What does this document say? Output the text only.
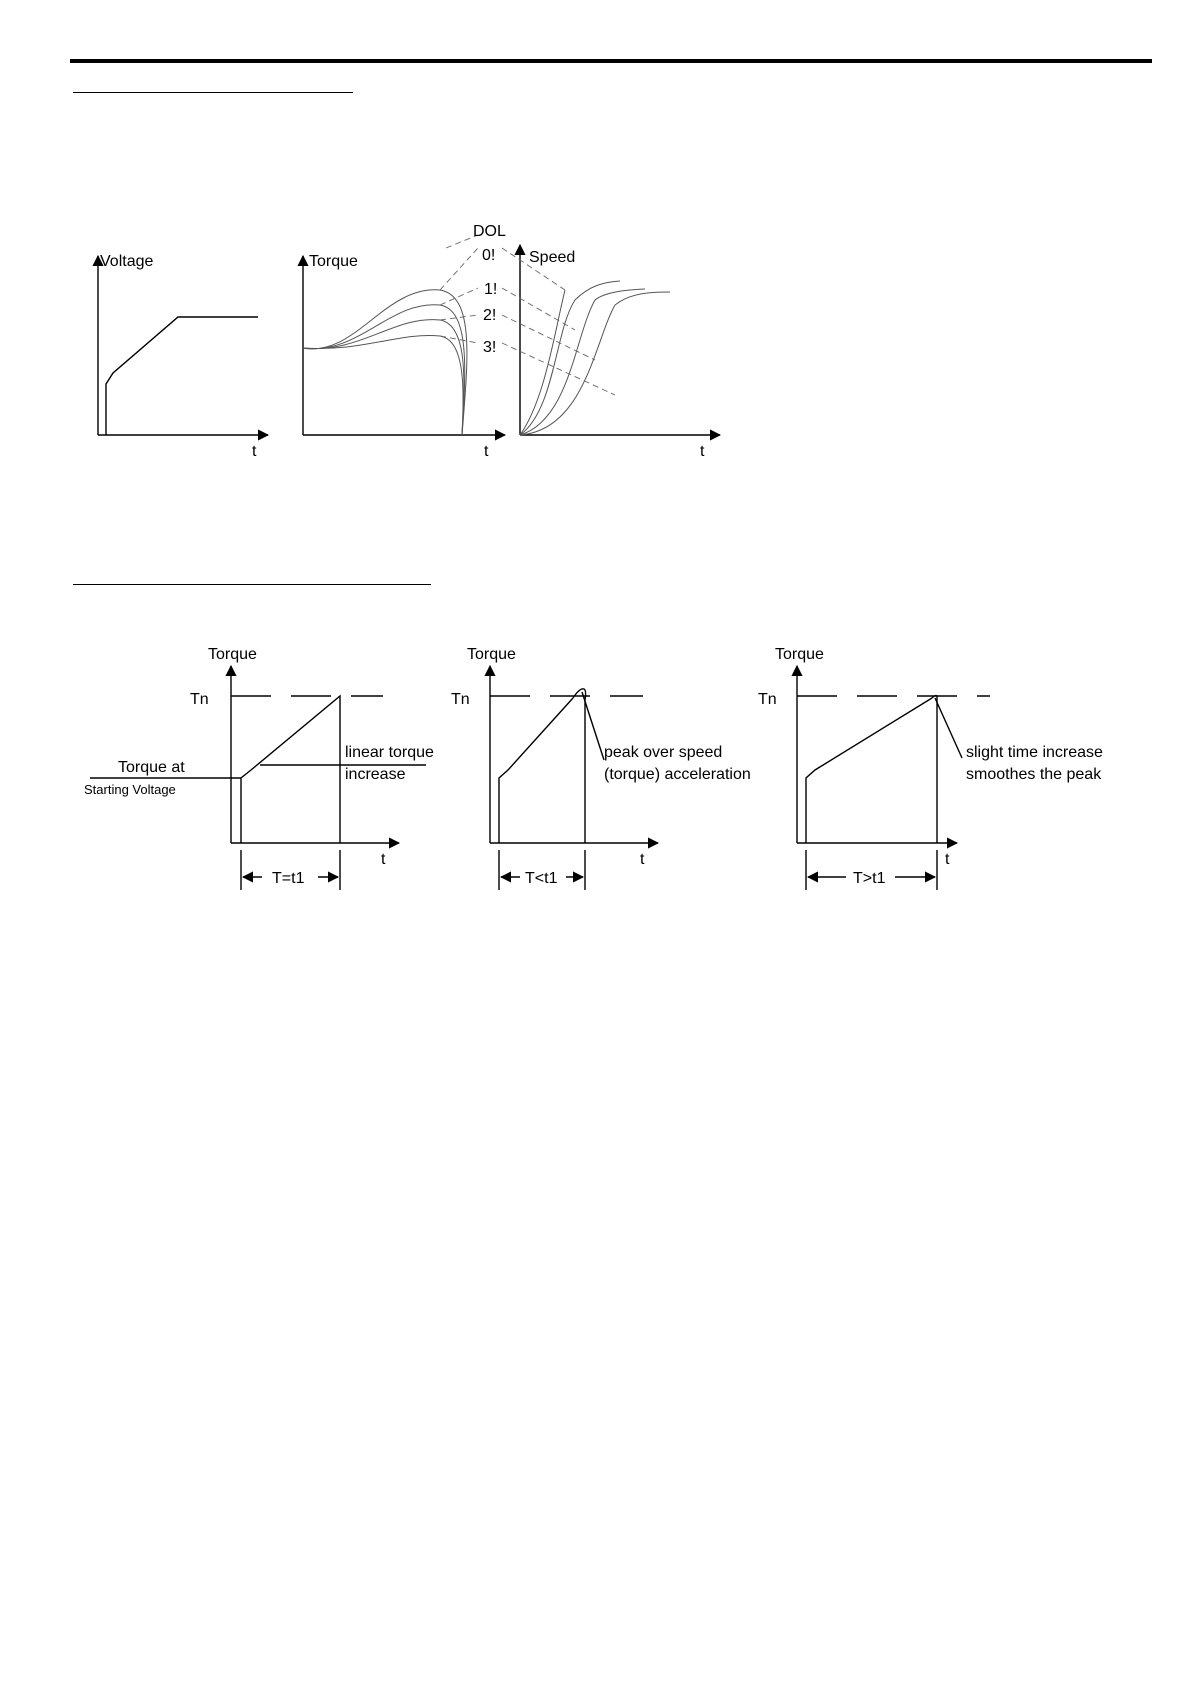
Voltage
t
Torque
t
Speed
t
DOL
0!
1!
2!
3!
Torque
Tn
t
Torque at
Starting Voltage
linear torque
increase
T=t1
Torque
Tn
t
peak over speed
(torque) acceleration
T<t1
Torque
Tn
t
slight time increase
smoothes the peak
T>t1
